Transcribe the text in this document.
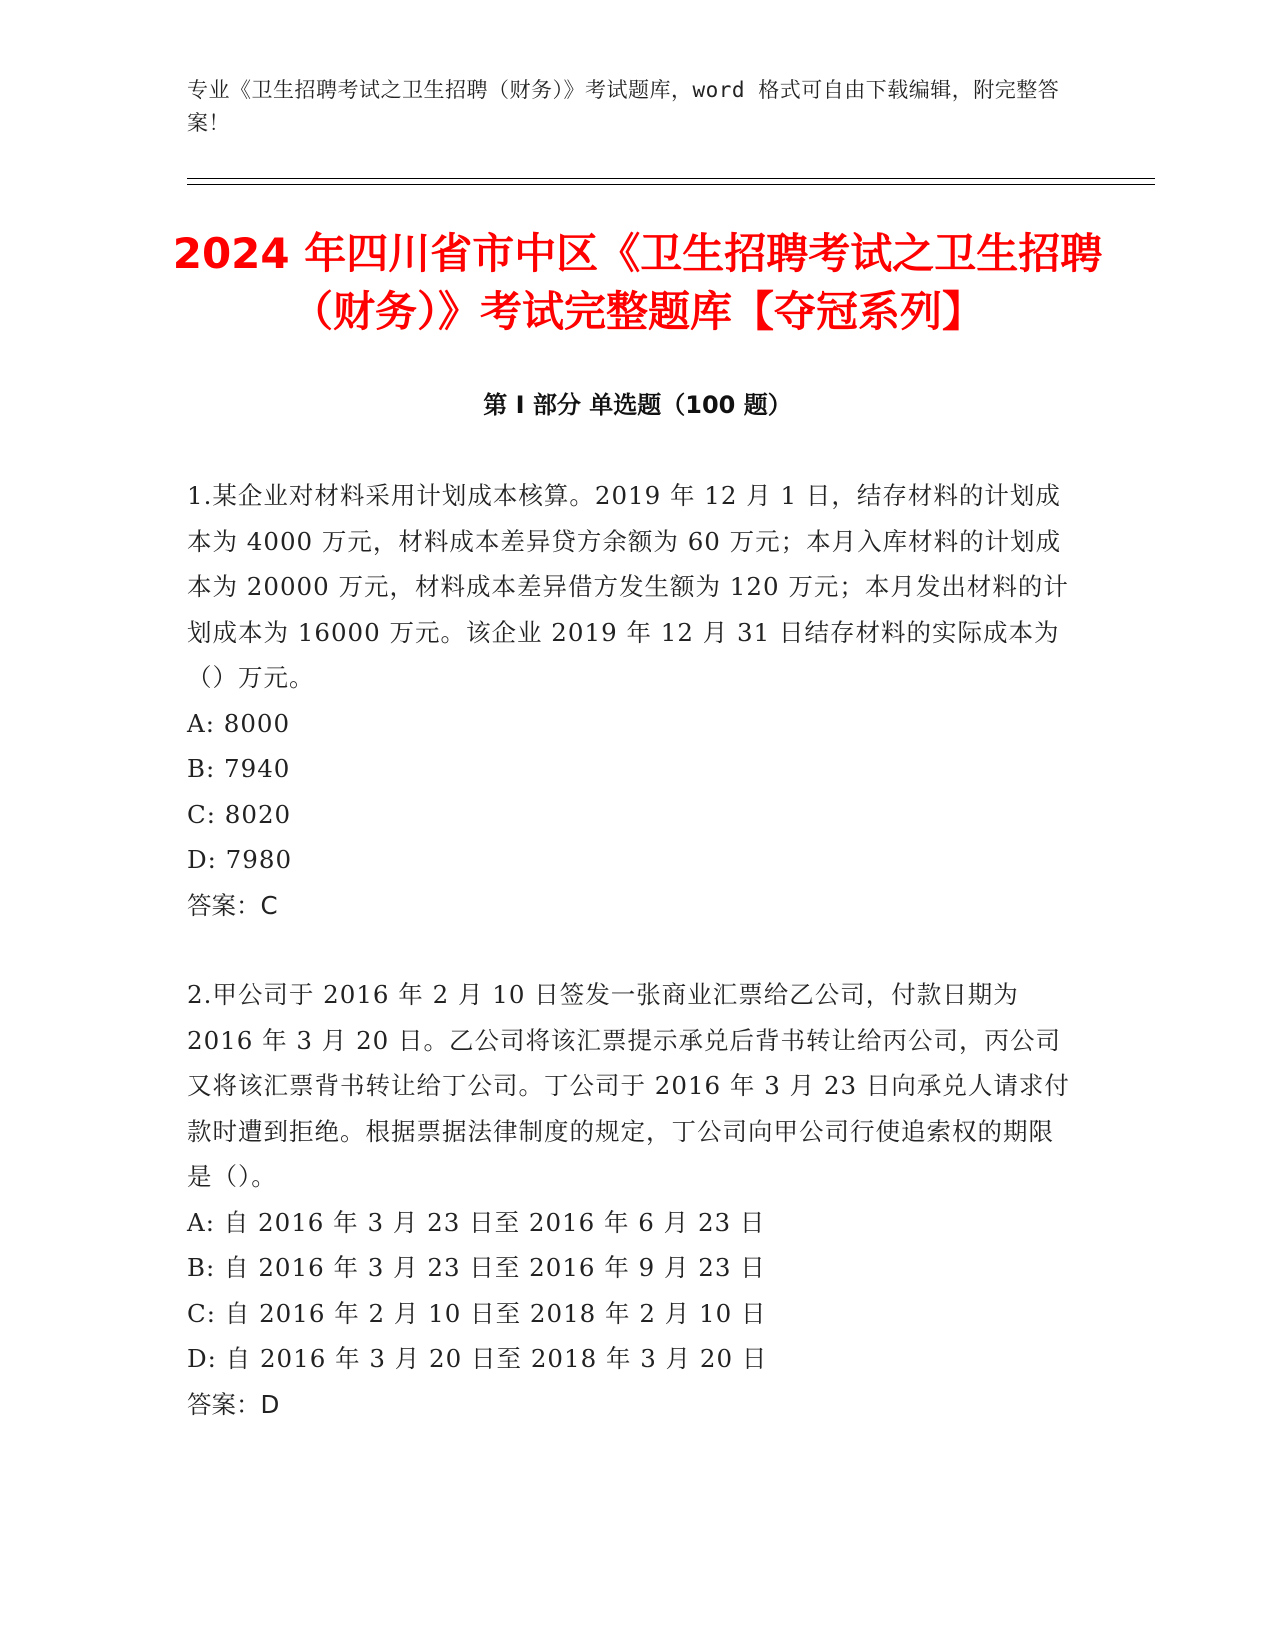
专业《卫生招聘考试之卫生招聘（财务）》考试题库，word 格式可自由下载编辑，附完整答案！
2024 年四川省市中区《卫生招聘考试之卫生招聘（财务）》考试完整题库【夺冠系列】
第 I 部分 单选题（100 题）

1.某企业对材料采用计划成本核算。2019 年 12 月 1 日，结存材料的计划成本为 4000 万元，材料成本差异贷方余额为 60 万元；本月入库材料的计划成本为 20000 万元，材料成本差异借方发生额为 120 万元；本月发出材料的计划成本为 16000 万元。该企业 2019 年 12 月 31 日结存材料的实际成本为（）万元。

A: 8000
B: 7940
C: 8020
D: 7980

答案：C

2.甲公司于 2016 年 2 月 10 日签发一张商业汇票给乙公司，付款日期为 2016 年 3 月 20 日。乙公司将该汇票提示承兑后背书转让给丙公司，丙公司又将该汇票背书转让给丁公司。丁公司于 2016 年 3 月 23 日向承兑人请求付款时遭到拒绝。根据票据法律制度的规定，丁公司向甲公司行使追索权的期限是（）。

A: 自 2016 年 3 月 23 日至 2016 年 6 月 23 日
B: 自 2016 年 3 月 23 日至 2016 年 9 月 23 日
C: 自 2016 年 2 月 10 日至 2018 年 2 月 10 日
D: 自 2016 年 3 月 20 日至 2018 年 3 月 20 日

答案：D
